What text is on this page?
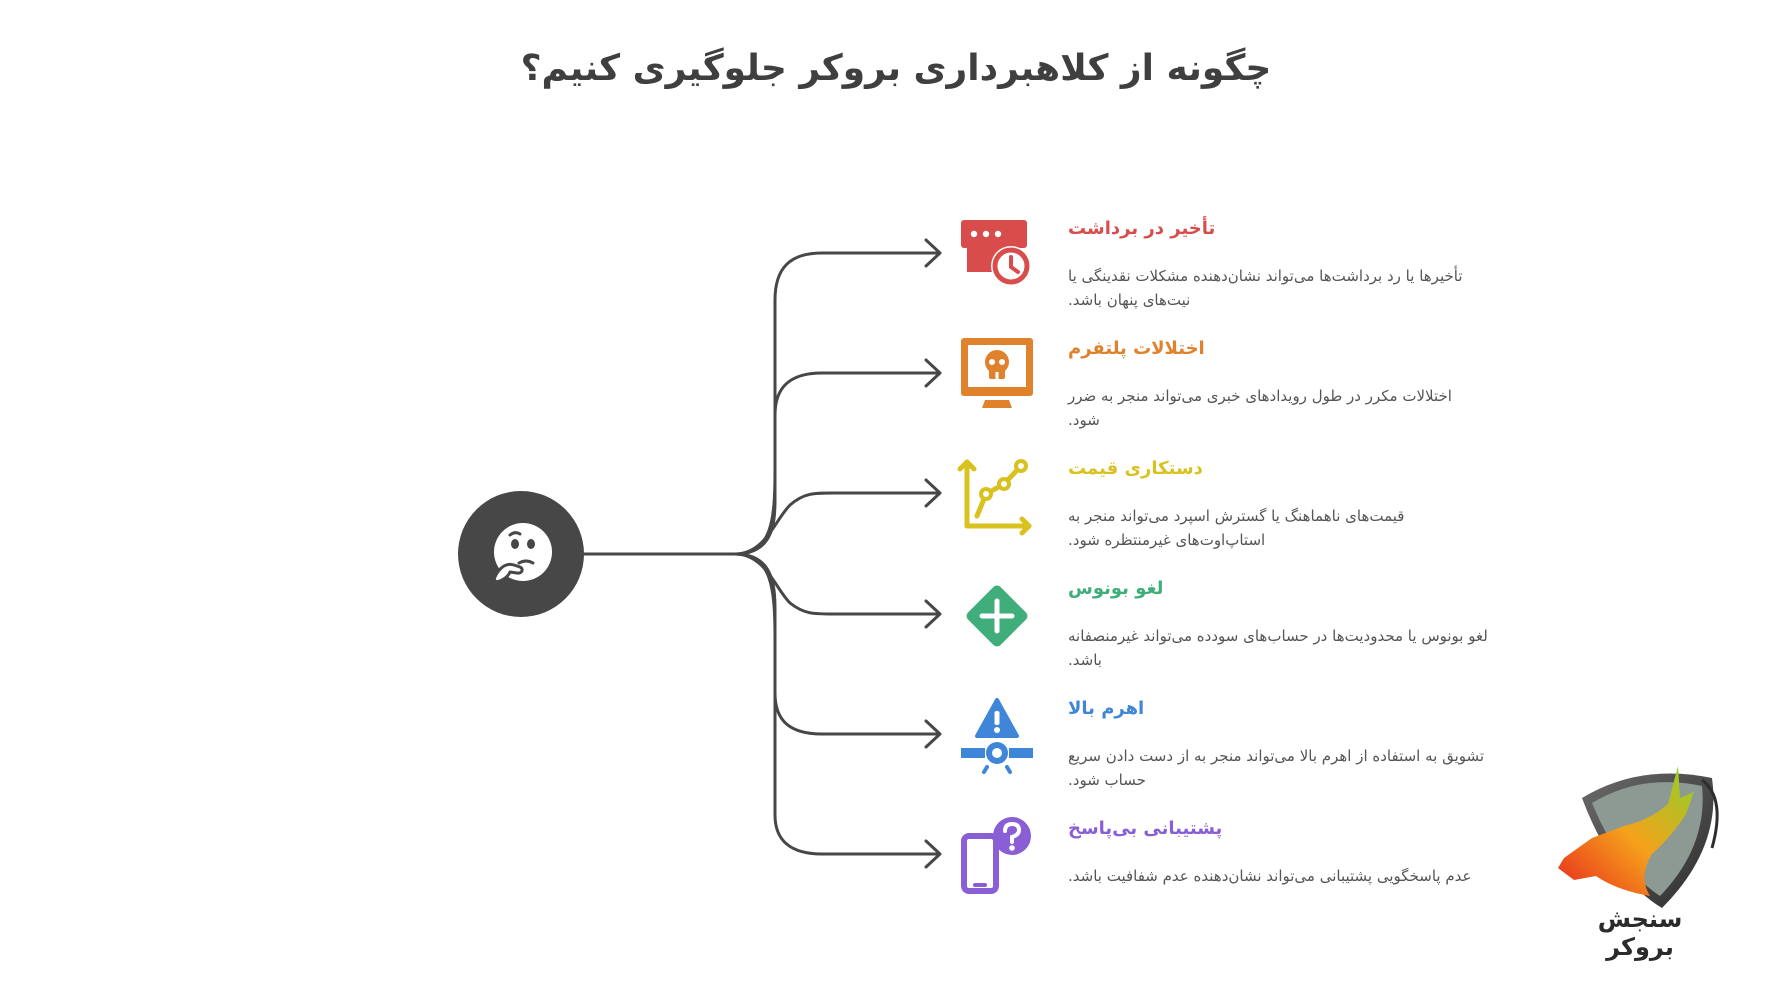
چگونه از کلاهبرداری بروکر جلوگیری کنیم؟
تأخیر در برداشت
تأخیرها یا رد برداشت‌ها می‌تواند نشان‌دهنده مشکلات نقدینگی یا نیت‌های پنهان باشد.
اختلالات پلتفرم
اختلالات مکرر در طول رویدادهای خبری می‌تواند منجر به ضرر شود.
دستکاری قیمت
قیمت‌های ناهماهنگ یا گسترش اسپرد می‌تواند منجر به استاپ‌اوت‌های غیرمنتظره شود.
لغو بونوس
لغو بونوس یا محدودیت‌ها در حساب‌های سودده می‌تواند غیرمنصفانه باشد.
اهرم بالا
تشویق به استفاده از اهرم بالا می‌تواند منجر به از دست دادن سریع حساب شود.
پشتیبانی بی‌پاسخ
عدم پاسخگویی پشتیبانی می‌تواند نشان‌دهنده عدم شفافیت باشد.
سنجش بروکر
